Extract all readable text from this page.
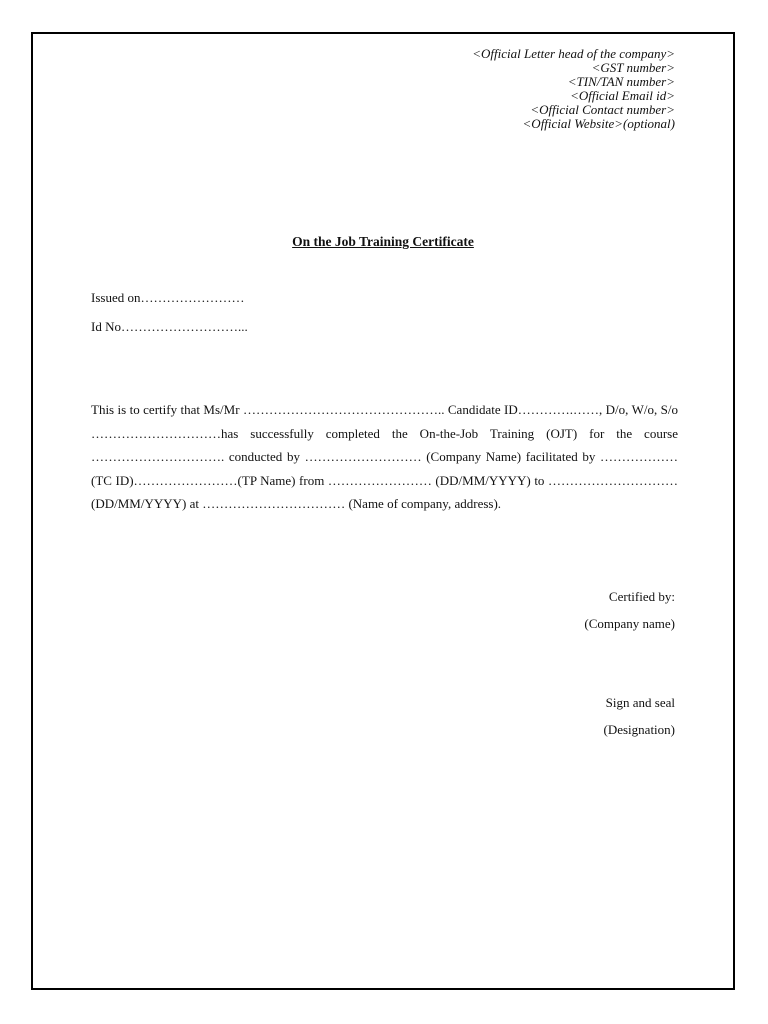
<Official Letter head of the company>
<GST number>
<TIN/TAN number>
<Official Email id>
<Official Contact number>
<Official Website>(optional)
On the Job Training Certificate
Issued on……………………
Id No………………………...
This is to certify that Ms/Mr ……………………………………….. Candidate ID………….……, D/o, W/o, S/o …………………………has successfully completed the On-the-Job Training (OJT) for the course …………………………. conducted by ……………………… (Company Name) facilitated by ………………(TC ID)……………………(TP Name) from …………………… (DD/MM/YYYY) to ………………………… (DD/MM/YYYY) at …………………………… (Name of company, address).
Certified by:
(Company name)
Sign and seal
(Designation)
